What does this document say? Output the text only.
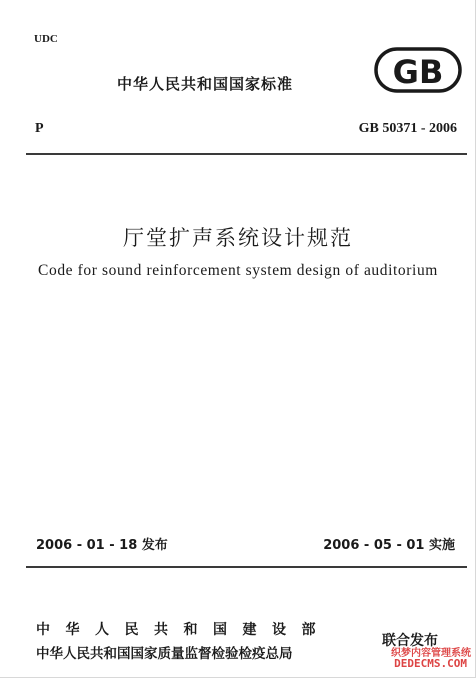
UDC
中华人民共和国国家标准	GB
P	GB 50371 - 2006
厅堂扩声系统设计规范
Code for sound reinforcement system design of auditorium
2006 - 01 - 18 发布	2006 - 05 - 01 实施
中华人民共和国建设部
中华人民共和国国家质量监督检验检疫总局
联合发布
织梦内容管理系统
DEDECMS.COM
